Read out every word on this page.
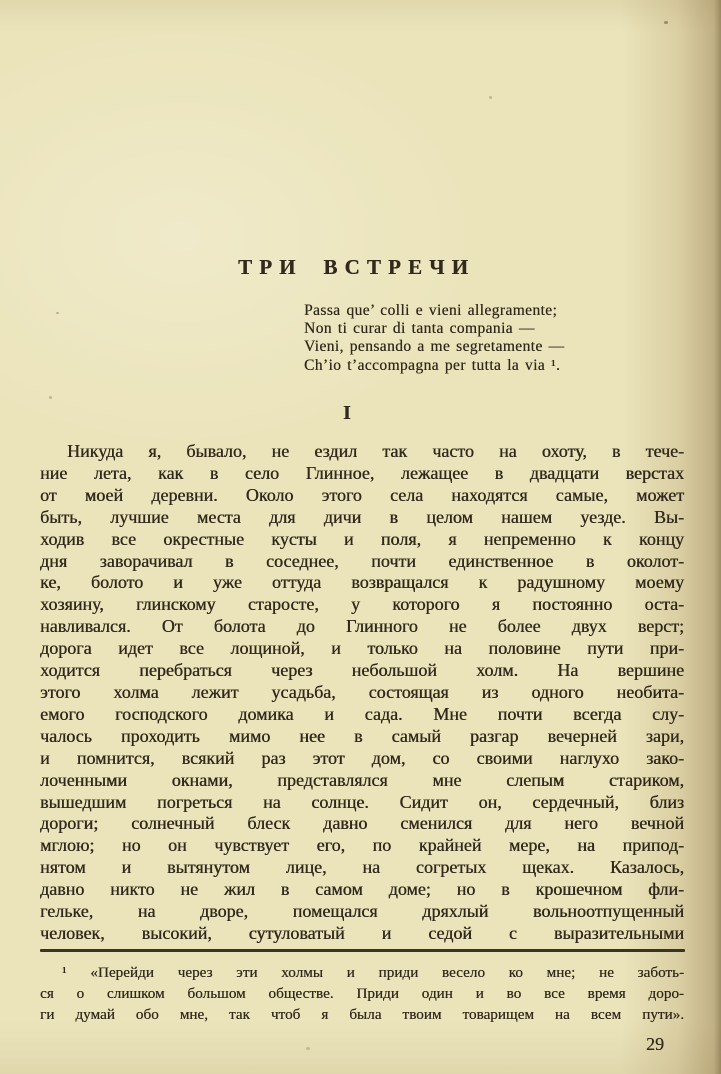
ТРИ ВСТРЕЧИ
Passa que’ colli e vieni allegramente;
Non ti curar di tanta compania —
Vieni, pensando a me segretamente —
Ch’io t’accompagna per tutta la via ¹.
I
Никуда я, бывало, не ездил так часто на охоту, в тече-
ние лета, как в село Глинное, лежащее в двадцати верстах
от моей деревни. Около этого села находятся самые, может
быть, лучшие места для дичи в целом нашем уезде. Вы-
ходив все окрестные кусты и поля, я непременно к концу
дня заворачивал в соседнее, почти единственное в околот-
ке, болото и уже оттуда возвращался к радушному моему
хозяину, глинскому старосте, у которого я постоянно оста-
навливался. От болота до Глинного не более двух верст;
дорога идет все лощиной, и только на половине пути при-
ходится перебраться через небольшой холм. На вершине
этого холма лежит усадьба, состоящая из одного необита-
емого господского домика и сада. Мне почти всегда слу-
чалось проходить мимо нее в самый разгар вечерней зари,
и помнится, всякий раз этот дом, со своими наглухо зако-
лоченными окнами, представлялся мне слепым стариком,
вышедшим погреться на солнце. Сидит он, сердечный, близ
дороги; солнечный блеск давно сменился для него вечной
мглою; но он чувствует его, по крайней мере, на припод-
нятом и вытянутом лице, на согретых щеках. Казалось,
давно никто не жил в самом доме; но в крошечном фли-
гельке, на дворе, помещался дряхлый вольноотпущенный
человек, высокий, сутуловатый и седой с выразительными
¹ «Перейди через эти холмы и приди весело ко мне; не заботь-
ся о слишком большом обществе. Приди один и во все время доро-
ги думай обо мне, так чтоб я была твоим товарищем на всем пути».
29
